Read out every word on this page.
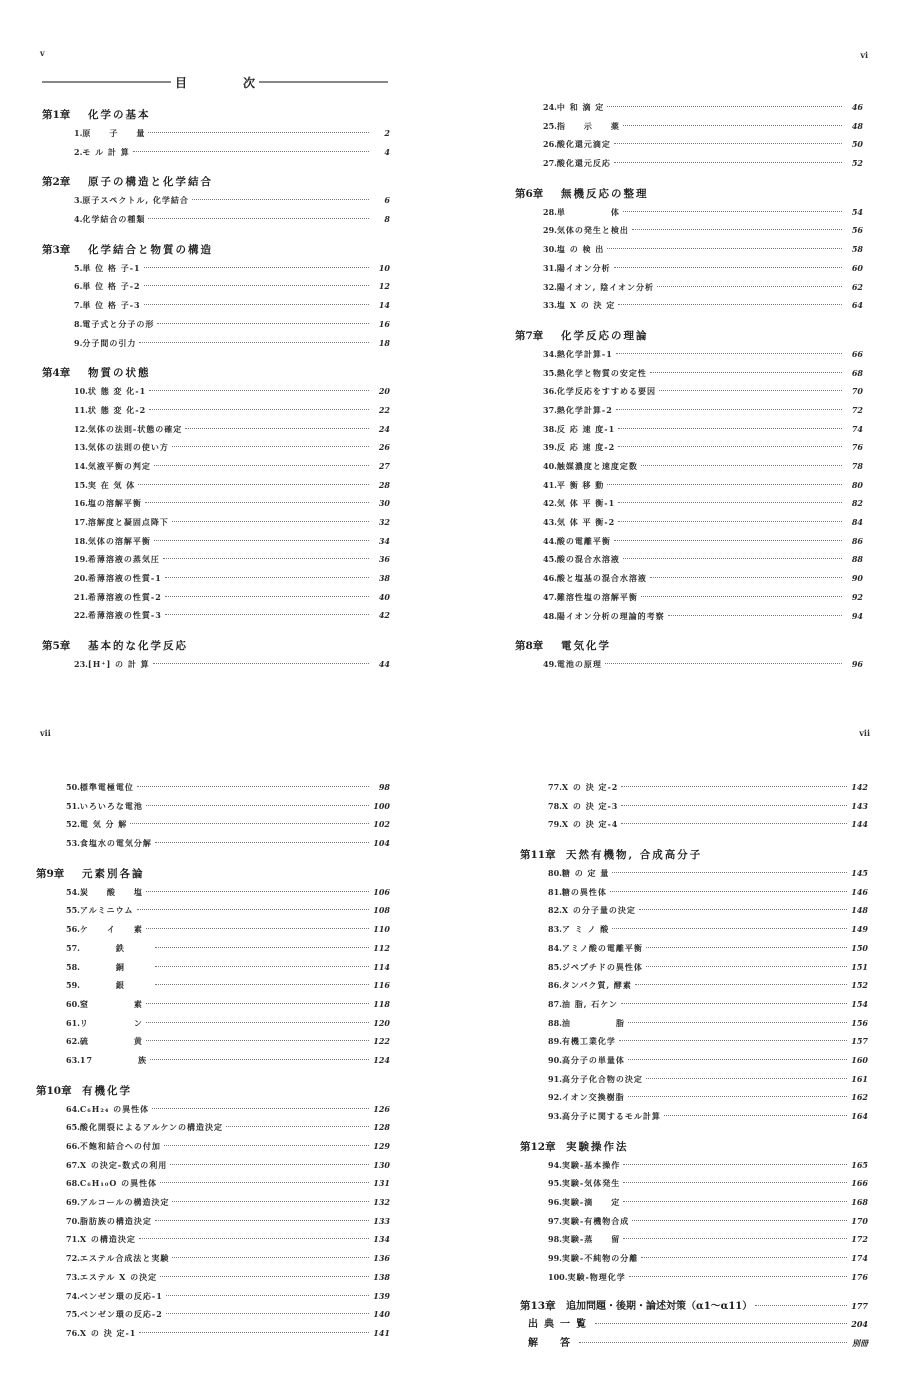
v
目	次
第1章 化学の基本
1. 原　　子　　量	2
2. モ ル 計 算	4
第2章 原子の構造と化学結合
3. 原子スペクトル, 化学結合	6
4. 化学結合の種類	8
第3章 化学結合と物質の構造
5. 単 位 格 子-1	10
6. 単 位 格 子-2	12
7. 単 位 格 子-3	14
8. 電子式と分子の形	16
9. 分子間の引力	18
第4章 物質の状態
10. 状 態 変 化-1	20
11. 状 態 変 化-2	22
12. 気体の法則-状態の確定	24
13. 気体の法則の使い方	26
14. 気液平衡の判定	27
15. 実 在 気 体	28
16. 塩の溶解平衡	30
17. 溶解度と凝固点降下	32
18. 気体の溶解平衡	34
19. 希薄溶液の蒸気圧	36
20. 希薄溶液の性質-1	38
21. 希薄溶液の性質-2	40
22. 希薄溶液の性質-3	42
第5章 基本的な化学反応
23. [H⁺] の 計 算	44
vi
24. 中 和 滴 定	46
25. 指　　示　　薬	48
26. 酸化還元滴定	50
27. 酸化還元反応	52
第6章 無機反応の整理
28. 単　　　　　体	54
29. 気体の発生と検出	56
30. 塩 の 検 出	58
31. 陽イオン分析	60
32. 陽イオン, 陰イオン分析	62
33. 塩 X の 決 定	64
第7章 化学反応の理論
34. 熱化学計算-1	66
35. 熱化学と物質の安定性	68
36. 化学反応をすすめる要因	70
37. 熱化学計算-2	72
38. 反 応 速 度-1	74
39. 反 応 速 度-2	76
40. 触媒濃度と速度定数	78
41. 平 衡 移 動	80
42. 気 体 平 衡-1	82
43. 気 体 平 衡-2	84
44. 酸の電離平衡	86
45. 酸の混合水溶液	88
46. 酸と塩基の混合水溶液	90
47. 難溶性塩の溶解平衡	92
48. 陽イオン分析の理論的考察	94
第8章 電気化学
49. 電池の原理	96
vii
50. 標準電極電位	98
51. いろいろな電池	100
52. 電 気 分 解	102
53. 食塩水の電気分解	104
第9章 元素別各論
54. 炭　　酸　　塩	106
55. アルミニウム	108
56. ケ　　イ　　素	110
57. 　　　　鉄　　　	112
58. 　　　　銅　　　	114
59. 　　　　銀　　　	116
60. 窒　　　　　素	118
61. リ　　　　　ン	120
62. 硫　　　　　黄	122
63. 17　　　　　族	124
第10章 有機化学
64. C₆H₂₄ の異性体	126
65. 酸化開裂によるアルケンの構造決定	128
66. 不飽和結合への付加	129
67. X の決定-数式の利用	130
68. C₆H₁₀O の異性体	131
69. アルコールの構造決定	132
70. 脂肪族の構造決定	133
71. X の構造決定	134
72. エステル合成法と実験	136
73. エステル X の決定	138
74. ベンゼン環の反応-1	139
75. ベンゼン環の反応-2	140
76. X の 決 定-1	141
vii
77. X の 決 定-2	142
78. X の 決 定-3	143
79. X の 決 定-4	144
第11章 天然有機物, 合成高分子
80. 糖 の 定 量	145
81. 糖の異性体	146
82. X の分子量の決定	148
83. ア ミ ノ 酸	149
84. アミノ酸の電離平衡	150
85. ジペプチドの異性体	151
86. タンパク質, 酵素	152
87. 油 脂, 石ケン	154
88. 油　　　　　脂	156
89. 有機工業化学	157
90. 高分子の単量体	160
91. 高分子化合物の決定	161
92. イオン交換樹脂	162
93. 高分子に関するモル計算	164
第12章 実験操作法
94. 実験-基本操作	165
95. 実験-気体発生	166
96. 実験-滴　　定	168
97. 実験-有機物合成	170
98. 実験-蒸　　留	172
99. 実験-不純物の分離	174
100. 実験-物理化学	176
第13章	追加問題・後期・論述対策（α1～α11）	177
出典一覧	204
解　答	別冊
